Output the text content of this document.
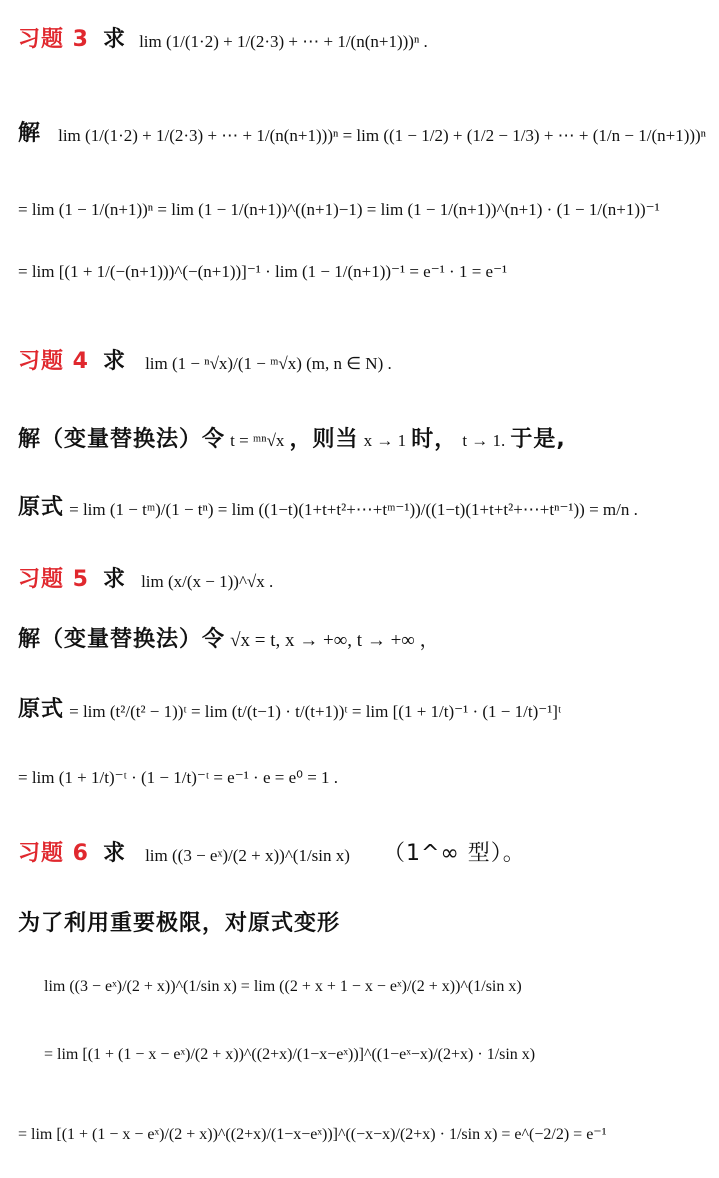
习题 3 求 lim (1/(1·2) + 1/(2·3) + ⋯ + 1/(n(n+1)))ⁿ .
解 lim (1/(1·2) + 1/(2·3) + ⋯ + 1/(n(n+1)))ⁿ = lim ((1 − 1/2) + (1/2 − 1/3) + ⋯ + (1/n − 1/(n+1)))ⁿ
= lim (1 − 1/(n+1))ⁿ = lim (1 − 1/(n+1))^((n+1)−1) = lim (1 − 1/(n+1))^(n+1) · (1 − 1/(n+1))⁻¹
= lim [(1 + 1/(−(n+1)))^(−(n+1))]⁻¹ · lim (1 − 1/(n+1))⁻¹ = e⁻¹ · 1 = e⁻¹
习题 4 求 lim (1 − ⁿ√x)/(1 − ᵐ√x) (m, n ∈ N) .
解（变量替换法）令 t = ᵐⁿ√x ，则当 x → 1 时， t → 1. 于是,
原式 = lim (1 − tᵐ)/(1 − tⁿ) = lim ((1−t)(1+t+t²+⋯+tᵐ⁻¹))/((1−t)(1+t+t²+⋯+tⁿ⁻¹)) = m/n .
习题 5 求 lim (x/(x − 1))^√x .
解（变量替换法）令 √x = t, x → +∞, t → +∞ ，
原式 = lim (t²/(t² − 1))ᵗ = lim (t/(t−1) · t/(t+1))ᵗ = lim [(1 + 1/t)⁻¹ · (1 − 1/t)⁻¹]ᵗ
= lim (1 + 1/t)⁻ᵗ · (1 − 1/t)⁻ᵗ = e⁻¹ · e = e⁰ = 1 .
习题 6 求 lim ((3 − eˣ)/(2 + x))^(1/sin x) （1^∞ 型）。
为了利用重要极限，对原式变形
lim ((3 − eˣ)/(2 + x))^(1/sin x) = lim ((2 + x + 1 − x − eˣ)/(2 + x))^(1/sin x)
= lim [(1 + (1 − x − eˣ)/(2 + x))^((2+x)/(1−x−eˣ))]^((1−eˣ−x)/(2+x) · 1/sin x)
= lim [(1 + (1 − x − eˣ)/(2 + x))^((2+x)/(1−x−eˣ))]^((−x−x)/(2+x) · 1/sin x) = e^(−2/2) = e⁻¹
